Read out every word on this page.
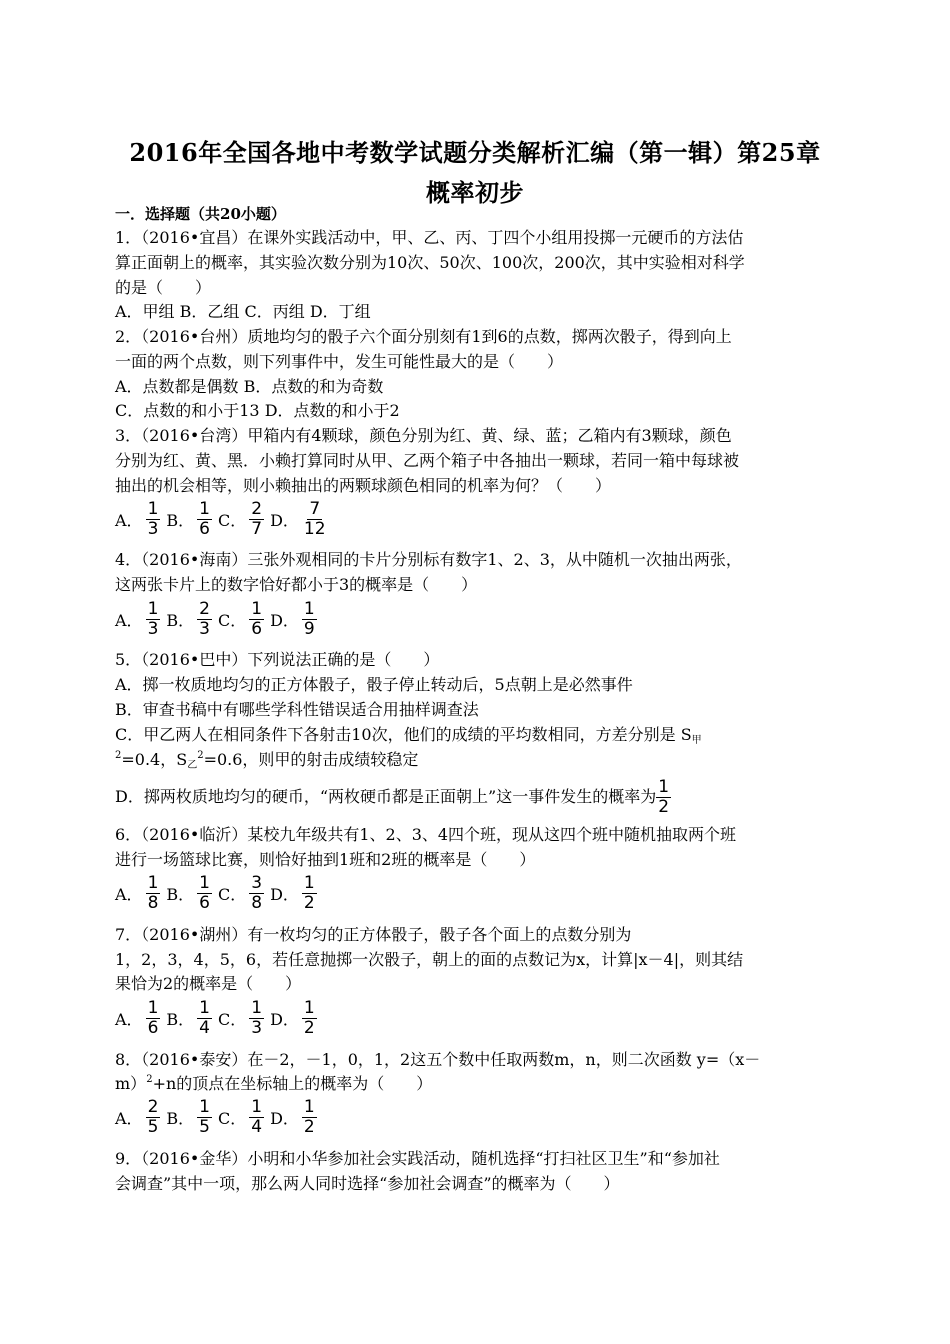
2016年全国各地中考数学试题分类解析汇编（第一辑）第25章
概率初步
一．选择题（共20小题）
1．（2016•宜昌）在课外实践活动中，甲、乙、丙、丁四个小组用投掷一元硬币的方法估
算正面朝上的概率，其实验次数分别为10次、50次、100次，200次，其中实验相对科学
的是（　　）
A．甲组 B．乙组 C．丙组 D．丁组
2．（2016•台州）质地均匀的骰子六个面分别刻有1到6的点数，掷两次骰子，得到向上
一面的两个点数，则下列事件中，发生可能性最大的是（　　）
A．点数都是偶数 B．点数的和为奇数
C．点数的和小于13 D．点数的和小于2
3．（2016•台湾）甲箱内有4颗球，颜色分别为红、黄、绿、蓝；乙箱内有3颗球，颜色
分别为红、黄、黑．小赖打算同时从甲、乙两个箱子中各抽出一颗球，若同一箱中每球被
抽出的机会相等，则小赖抽出的两颗球颜色相同的机率为何？（　　）
A． $\frac{1}{3}$ B． $\frac{1}{6}$ C． $\frac{2}{7}$ D． $\frac{7}{12}$
4．（2016•海南）三张外观相同的卡片分别标有数字1、2、3，从中随机一次抽出两张，
这两张卡片上的数字恰好都小于3的概率是（　　）
A． $\frac{1}{3}$ B． $\frac{2}{3}$ C． $\frac{1}{6}$ D． $\frac{1}{9}$
5．（2016•巴中）下列说法正确的是（　　）
A．掷一枚质地均匀的正方体骰子，骰子停止转动后，5点朝上是必然事件
B．审查书稿中有哪些学科性错误适合用抽样调查法
C．甲乙两人在相同条件下各射击10次，他们的成绩的平均数相同，方差分别是 S甲
$^2$=0.4，S乙$^2$=0.6，则甲的射击成绩较稳定
D．掷两枚质地均匀的硬币，“两枚硬币都是正面朝上”这一事件发生的概率为 $\frac{1}{2}$
6．（2016•临沂）某校九年级共有1、2、3、4四个班，现从这四个班中随机抽取两个班
进行一场篮球比赛，则恰好抽到1班和2班的概率是（　　）
A． $\frac{1}{8}$ B． $\frac{1}{6}$ C． $\frac{3}{8}$ D． $\frac{1}{2}$
7．（2016•湖州）有一枚均匀的正方体骰子，骰子各个面上的点数分别为
1，2，3，4，5，6，若任意抛掷一次骰子，朝上的面的点数记为x，计算|x－4|，则其结
果恰为2的概率是（　　）
A． $\frac{1}{6}$ B． $\frac{1}{4}$ C． $\frac{1}{3}$ D． $\frac{1}{2}$
8．（2016•泰安）在－2，－1，0，1，2这五个数中任取两数m，n，则二次函数 y=（x－
m）$^2$+n的顶点在坐标轴上的概率为（　　）
A． $\frac{2}{5}$ B． $\frac{1}{5}$ C． $\frac{1}{4}$ D． $\frac{1}{2}$
9．（2016•金华）小明和小华参加社会实践活动，随机选择“打扫社区卫生”和“参加社
会调查”其中一项，那么两人同时选择“参加社会调查”的概率为（　　）
